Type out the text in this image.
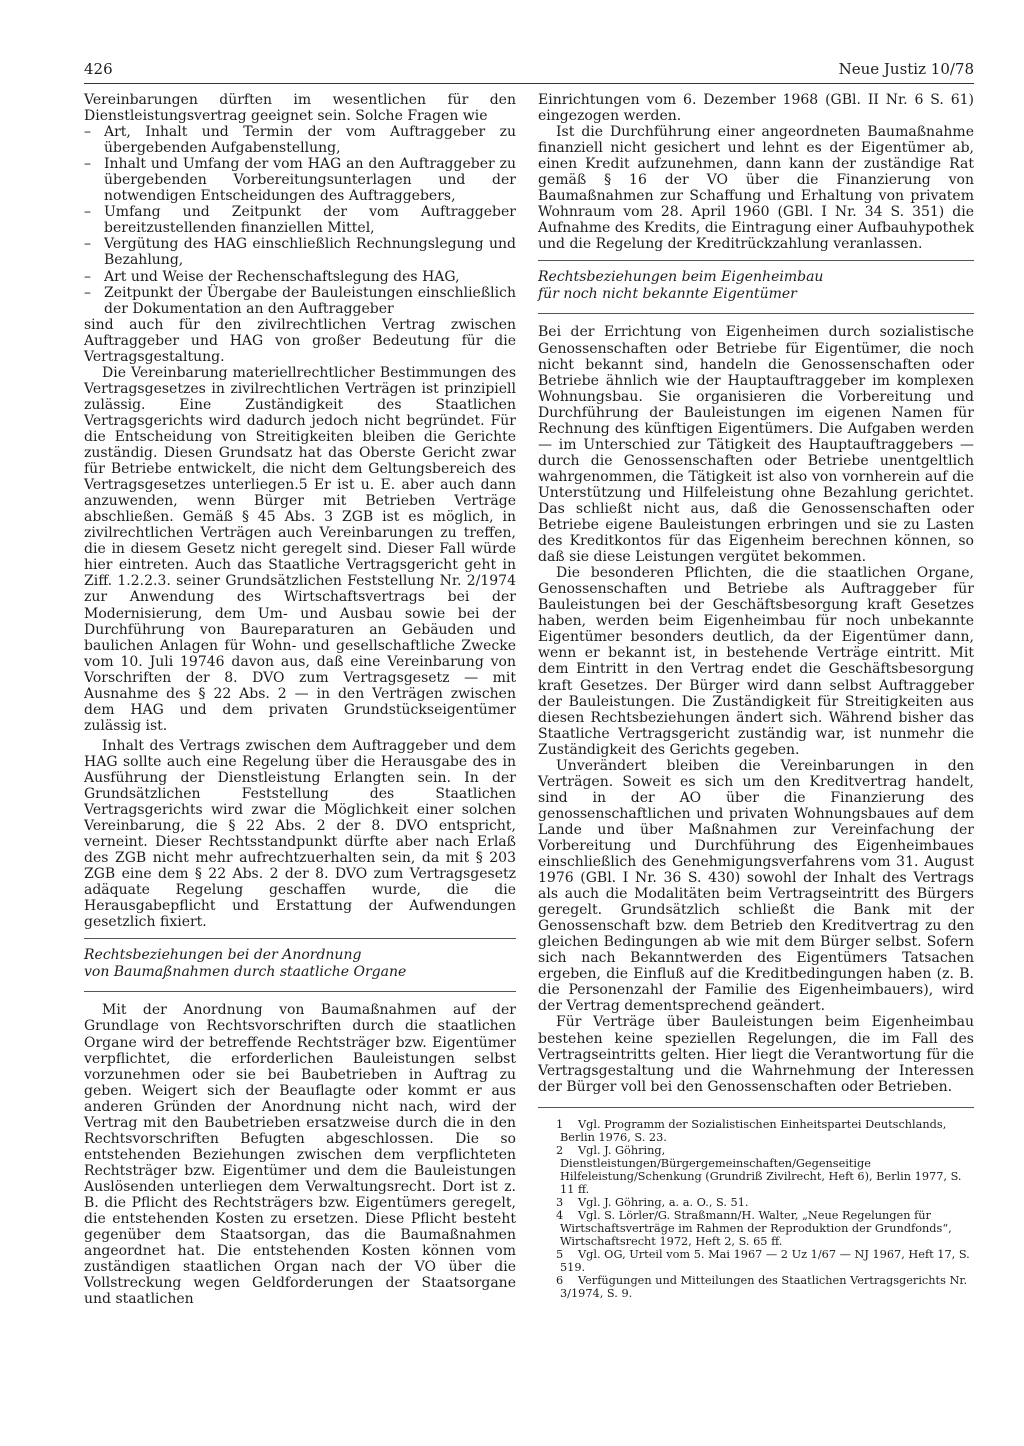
426	Neue Justiz 10/78

Vereinbarungen dürften im wesentlichen für den Dienstleistungsvertrag geeignet sein. Solche Fragen wie

– Art, Inhalt und Termin der vom Auftraggeber zu übergebenden Aufgabenstellung,
– Inhalt und Umfang der vom HAG an den Auftraggeber zu übergebenden Vorbereitungsunterlagen und der notwendigen Entscheidungen des Auftraggebers,
– Umfang und Zeitpunkt der vom Auftraggeber bereitzustellenden finanziellen Mittel,
– Vergütung des HAG einschließlich Rechnungslegung und Bezahlung,
– Art und Weise der Rechenschaftslegung des HAG,
– Zeitpunkt der Übergabe der Bauleistungen einschließlich der Dokumentation an den Auftraggeber

sind auch für den zivilrechtlichen Vertrag zwischen Auftraggeber und HAG von großer Bedeutung für die Vertragsgestaltung.

Die Vereinbarung materiellrechtlicher Bestimmungen des Vertragsgesetzes in zivilrechtlichen Verträgen ist prinzipiell zulässig. Eine Zuständigkeit des Staatlichen Vertragsgerichts wird dadurch jedoch nicht begründet. Für die Entscheidung von Streitigkeiten bleiben die Gerichte zuständig. Diesen Grundsatz hat das Oberste Gericht zwar für Betriebe entwickelt, die nicht dem Geltungsbereich des Vertragsgesetzes unterliegen.5 Er ist u. E. aber auch dann anzuwenden, wenn Bürger mit Betrieben Verträge abschließen. Gemäß § 45 Abs. 3 ZGB ist es möglich, in zivilrechtlichen Verträgen auch Vereinbarungen zu treffen, die in diesem Gesetz nicht geregelt sind. Dieser Fall würde hier eintreten. Auch das Staatliche Vertragsgericht geht in Ziff. 1.2.2.3. seiner Grundsätzlichen Feststellung Nr. 2/1974 zur Anwendung des Wirtschaftsvertrags bei der Modernisierung, dem Um- und Ausbau sowie bei der Durchführung von Baureparaturen an Gebäuden und baulichen Anlagen für Wohn- und gesellschaftliche Zwecke vom 10. Juli 19746 davon aus, daß eine Vereinbarung von Vorschriften der 8. DVO zum Vertragsgesetz — mit Ausnahme des § 22 Abs. 2 — in den Verträgen zwischen dem HAG und dem privaten Grundstückseigentümer zulässig ist.

Inhalt des Vertrags zwischen dem Auftraggeber und dem HAG sollte auch eine Regelung über die Herausgabe des in Ausführung der Dienstleistung Erlangten sein. In der Grundsätzlichen Feststellung des Staatlichen Vertragsgerichts wird zwar die Möglichkeit einer solchen Vereinbarung, die § 22 Abs. 2 der 8. DVO entspricht, verneint. Dieser Rechtsstandpunkt dürfte aber nach Erlaß des ZGB nicht mehr aufrechtzuerhalten sein, da mit § 203 ZGB eine dem § 22 Abs. 2 der 8. DVO zum Vertragsgesetz adäquate Regelung geschaffen wurde, die die Herausgabepflicht und Erstattung der Aufwendungen gesetzlich fixiert.

Rechtsbeziehungen bei der Anordnung
von Baumaßnahmen durch staatliche Organe

Mit der Anordnung von Baumaßnahmen auf der Grundlage von Rechtsvorschriften durch die staatlichen Organe wird der betreffende Rechtsträger bzw. Eigentümer verpflichtet, die erforderlichen Bauleistungen selbst vorzunehmen oder sie bei Baubetrieben in Auftrag zu geben. Weigert sich der Beauflagte oder kommt er aus anderen Gründen der Anordnung nicht nach, wird der Vertrag mit den Baubetrieben ersatzweise durch die in den Rechtsvorschriften Befugten abgeschlossen. Die so entstehenden Beziehungen zwischen dem verpflichteten Rechtsträger bzw. Eigentümer und dem die Bauleistungen Auslösenden unterliegen dem Verwaltungsrecht. Dort ist z. B. die Pflicht des Rechtsträgers bzw. Eigentümers geregelt, die entstehenden Kosten zu ersetzen. Diese Pflicht besteht gegenüber dem Staatsorgan, das die Baumaßnahmen angeordnet hat. Die entstehenden Kosten können vom zuständigen staatlichen Organ nach der VO über die Vollstreckung wegen Geldforderungen der Staatsorgane und staatlichen

Einrichtungen vom 6. Dezember 1968 (GBl. II Nr. 6 S. 61) eingezogen werden.

Ist die Durchführung einer angeordneten Baumaßnahme finanziell nicht gesichert und lehnt es der Eigentümer ab, einen Kredit aufzunehmen, dann kann der zuständige Rat gemäß § 16 der VO über die Finanzierung von Baumaßnahmen zur Schaffung und Erhaltung von privatem Wohnraum vom 28. April 1960 (GBl. I Nr. 34 S. 351) die Aufnahme des Kredits, die Eintragung einer Aufbauhypothek und die Regelung der Kreditrückzahlung veranlassen.

Rechtsbeziehungen beim Eigenheimbau
für noch nicht bekannte Eigentümer

Bei der Errichtung von Eigenheimen durch sozialistische Genossenschaften oder Betriebe für Eigentümer, die noch nicht bekannt sind, handeln die Genossenschaften oder Betriebe ähnlich wie der Hauptauftraggeber im komplexen Wohnungsbau. Sie organisieren die Vorbereitung und Durchführung der Bauleistungen im eigenen Namen für Rechnung des künftigen Eigentümers. Die Aufgaben werden — im Unterschied zur Tätigkeit des Hauptauftraggebers — durch die Genossenschaften oder Betriebe unentgeltlich wahrgenommen, die Tätigkeit ist also von vornherein auf die Unterstützung und Hilfeleistung ohne Bezahlung gerichtet. Das schließt nicht aus, daß die Genossenschaften oder Betriebe eigene Bauleistungen erbringen und sie zu Lasten des Kreditkontos für das Eigenheim berechnen können, so daß sie diese Leistungen vergütet bekommen.

Die besonderen Pflichten, die die staatlichen Organe, Genossenschaften und Betriebe als Auftraggeber für Bauleistungen bei der Geschäftsbesorgung kraft Gesetzes haben, werden beim Eigenheimbau für noch unbekannte Eigentümer besonders deutlich, da der Eigentümer dann, wenn er bekannt ist, in bestehende Verträge eintritt. Mit dem Eintritt in den Vertrag endet die Geschäftsbesorgung kraft Gesetzes. Der Bürger wird dann selbst Auftraggeber der Bauleistungen. Die Zuständigkeit für Streitigkeiten aus diesen Rechtsbeziehungen ändert sich. Während bisher das Staatliche Vertragsgericht zuständig war, ist nunmehr die Zuständigkeit des Gerichts gegeben.

Unverändert bleiben die Vereinbarungen in den Verträgen. Soweit es sich um den Kreditvertrag handelt, sind in der AO über die Finanzierung des genossenschaftlichen und privaten Wohnungsbaues auf dem Lande und über Maßnahmen zur Vereinfachung der Vorbereitung und Durchführung des Eigenheimbaues einschließlich des Genehmigungsverfahrens vom 31. August 1976 (GBl. I Nr. 36 S. 430) sowohl der Inhalt des Vertrags als auch die Modalitäten beim Vertragseintritt des Bürgers geregelt. Grundsätzlich schließt die Bank mit der Genossenschaft bzw. dem Betrieb den Kreditvertrag zu den gleichen Bedingungen ab wie mit dem Bürger selbst. Sofern sich nach Bekanntwerden des Eigentümers Tatsachen ergeben, die Einfluß auf die Kreditbedingungen haben (z. B. die Personenzahl der Familie des Eigenheimbauers), wird der Vertrag dementsprechend geändert.

Für Verträge über Bauleistungen beim Eigenheimbau bestehen keine speziellen Regelungen, die im Fall des Vertragseintritts gelten. Hier liegt die Verantwortung für die Vertragsgestaltung und die Wahrnehmung der Interessen der Bürger voll bei den Genossenschaften oder Betrieben.

1 Vgl. Programm der Sozialistischen Einheitspartei Deutschlands, Berlin 1976, S. 23.

2 Vgl. J. Göhring, Dienstleistungen/Bürgergemeinschaften/Gegenseitige Hilfeleistung/Schenkung (Grundriß Zivilrecht, Heft 6), Berlin 1977, S. 11 ff.

3 Vgl. J. Göhring, a. a. O., S. 51.

4 Vgl. S. Lörler/G. Straßmann/H. Walter, „Neue Regelungen für Wirtschaftsverträge im Rahmen der Reproduktion der Grundfonds“, Wirtschaftsrecht 1972, Heft 2, S. 65 ff.

5 Vgl. OG, Urteil vom 5. Mai 1967 — 2 Uz 1/67 — NJ 1967, Heft 17, S. 519.

6 Verfügungen und Mitteilungen des Staatlichen Vertragsgerichts Nr. 3/1974, S. 9.
